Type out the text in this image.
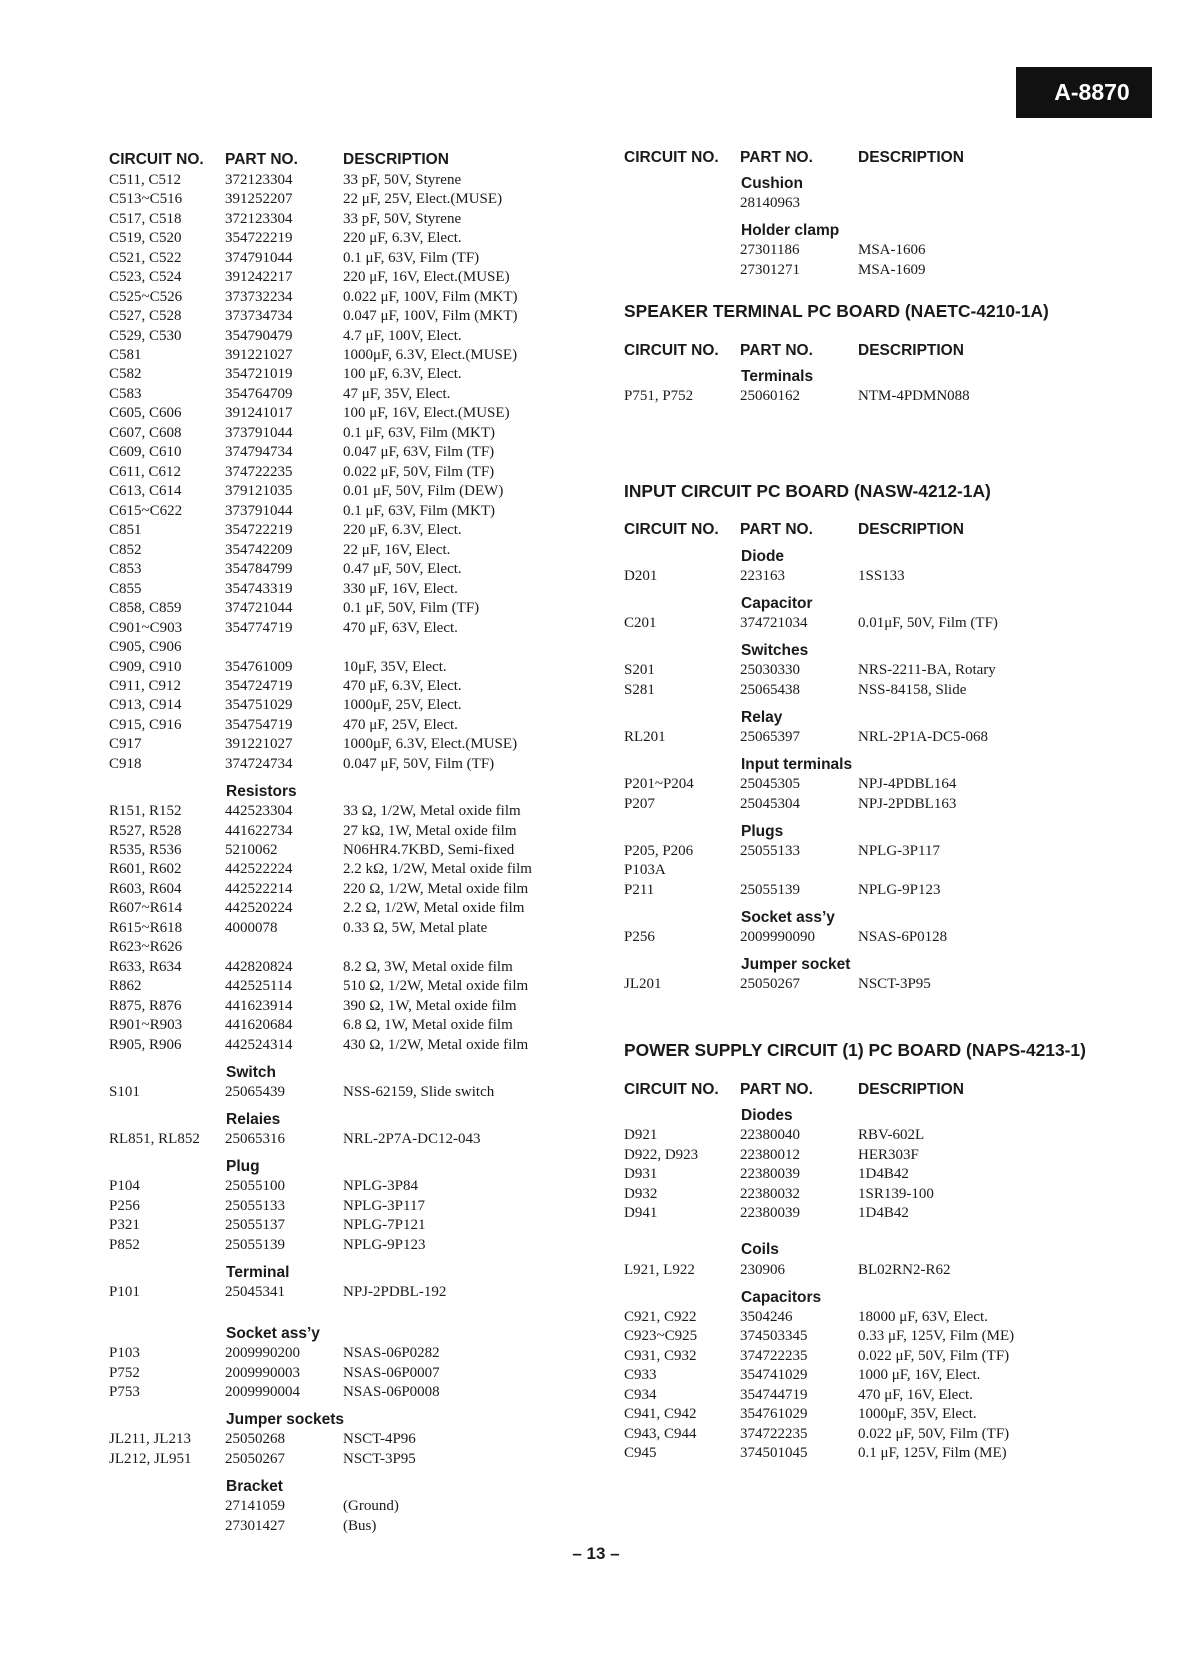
A-8870
CIRCUIT NO. PART NO.	DESCRIPTION
C511, C512	372123304	33 pF, 50V, Styrene
C513~C516	391252207	22 μF, 25V, Elect.(MUSE)
C517, C518	372123304	33 pF, 50V, Styrene
C519, C520	354722219	220 μF, 6.3V, Elect.
C521, C522	374791044	0.1 μF, 63V, Film (TF)
C523, C524	391242217	220 μF, 16V, Elect.(MUSE)
C525~C526	373732234	0.022 μF, 100V, Film (MKT)
C527, C528	373734734	0.047 μF, 100V, Film (MKT)
C529, C530	354790479	4.7 μF, 100V, Elect.
C581	391221027	1000μF, 6.3V, Elect.(MUSE)
C582	354721019	100 μF, 6.3V, Elect.
C583	354764709	47 μF, 35V, Elect.
C605, C606	391241017	100 μF, 16V, Elect.(MUSE)
C607, C608	373791044	0.1 μF, 63V, Film (MKT)
C609, C610	374794734	0.047 μF, 63V, Film (TF)
C611, C612	374722235	0.022 μF, 50V, Film (TF)
C613, C614	379121035	0.01 μF, 50V, Film (DEW)
C615~C622	373791044	0.1 μF, 63V, Film (MKT)
C851	354722219	220 μF, 6.3V, Elect.
C852	354742209	22 μF, 16V, Elect.
C853	354784799	0.47 μF, 50V, Elect.
C855	354743319	330 μF, 16V, Elect.
C858, C859	374721044	0.1 μF, 50V, Film (TF)
C901~C903	354774719	470 μF, 63V, Elect.
C905, C906
C909, C910	354761009	10μF, 35V, Elect.
C911, C912	354724719	470 μF, 6.3V, Elect.
C913, C914	354751029	1000μF, 25V, Elect.
C915, C916	354754719	470 μF, 25V, Elect.
C917	391221027	1000μF, 6.3V, Elect.(MUSE)
C918	374724734	0.047 μF, 50V, Film (TF)
Resistors
R151, R152	442523304	33 Ω, 1/2W, Metal oxide film
R527, R528	441622734	27 kΩ, 1W, Metal oxide film
R535, R536	5210062	N06HR4.7KBD, Semi-fixed
R601, R602	442522224	2.2 kΩ, 1/2W, Metal oxide film
R603, R604	442522214	220 Ω, 1/2W, Metal oxide film
R607~R614	442520224	2.2 Ω, 1/2W, Metal oxide film
R615~R618	4000078	0.33 Ω, 5W, Metal plate
R623~R626
R633, R634	442820824	8.2 Ω, 3W, Metal oxide film
R862	442525114	510 Ω, 1/2W, Metal oxide film
R875, R876	441623914	390 Ω, 1W, Metal oxide film
R901~R903	441620684	6.8 Ω, 1W, Metal oxide film
R905, R906	442524314	430 Ω, 1/2W, Metal oxide film
Switch
S101	25065439	NSS-62159, Slide switch
Relaies
RL851, RL852 25065316	NRL-2P7A-DC12-043
Plug
P104	25055100	NPLG-3P84
P256	25055133	NPLG-3P117
P321	25055137	NPLG-7P121
P852	25055139	NPLG-9P123
Terminal
P101	25045341	NPJ-2PDBL-192
Socket ass’y
P103	2009990200	NSAS-06P0282
P752	2009990003	NSAS-06P0007
P753	2009990004	NSAS-06P0008
Jumper sockets
JL211, JL213 25050268	NSCT-4P96
JL212, JL951 25050267	NSCT-3P95
Bracket
27141059	(Ground)
27301427	(Bus)
CIRCUIT NO. PART NO.	DESCRIPTION
Cushion
28140963
Holder clamp
27301186	MSA-1606
27301271	MSA-1609
SPEAKER TERMINAL PC BOARD (NAETC-4210-1A)
CIRCUIT NO. PART NO.	DESCRIPTION
Terminals
P751, P752	25060162	NTM-4PDMN088
INPUT CIRCUIT PC BOARD (NASW-4212-1A)
CIRCUIT NO. PART NO.	DESCRIPTION
Diode
D201	223163	1SS133
Capacitor
C201	374721034	0.01μF, 50V, Film (TF)
Switches
S201	25030330	NRS-2211-BA, Rotary
S281	25065438	NSS-84158, Slide
Relay
RL201	25065397	NRL-2P1A-DC5-068
Input terminals
P201~P204	25045305	NPJ-4PDBL164
P207	25045304	NPJ-2PDBL163
Plugs
P205, P206	25055133	NPLG-3P117
P103A
P211	25055139	NPLG-9P123
Socket ass’y
P256	2009990090	NSAS-6P0128
Jumper socket
JL201	25050267	NSCT-3P95
POWER SUPPLY CIRCUIT (1) PC BOARD (NAPS-4213-1)
CIRCUIT NO. PART NO.	DESCRIPTION
Diodes
D921	22380040	RBV-602L
D922, D923	22380012	HER303F
D931	22380039	1D4B42
D932	22380032	1SR139-100
D941	22380039	1D4B42
Coils
L921, L922	230906	BL02RN2-R62
Capacitors
C921, C922	3504246	18000 μF, 63V, Elect.
C923~C925	374503345	0.33 μF, 125V, Film (ME)
C931, C932	374722235	0.022 μF, 50V, Film (TF)
C933	354741029	1000 μF, 16V, Elect.
C934	354744719	470 μF, 16V, Elect.
C941, C942	354761029	1000μF, 35V, Elect.
C943, C944	374722235	0.022 μF, 50V, Film (TF)
C945	374501045	0.1 μF, 125V, Film (ME)
– 13 –
